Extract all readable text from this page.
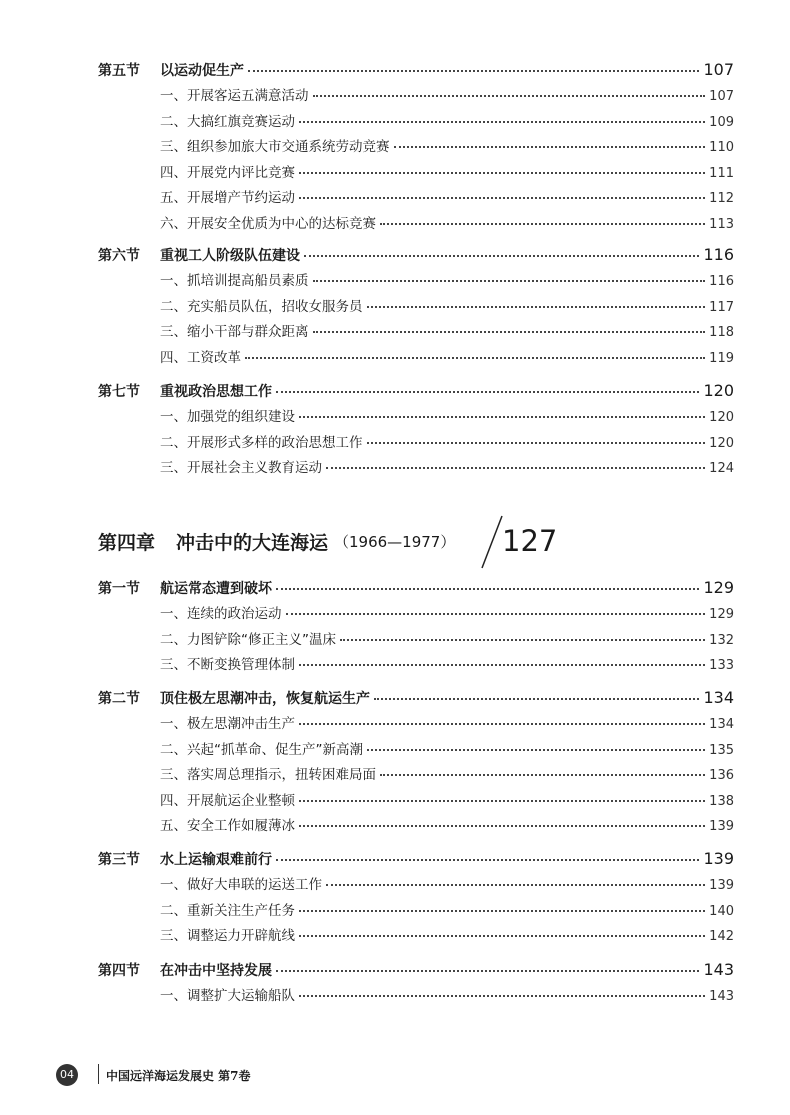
第五节	以运动促生产	107
一、开展客运五满意活动	107
二、大搞红旗竞赛运动	109
三、组织参加旅大市交通系统劳动竞赛	110
四、开展党内评比竞赛	111
五、开展增产节约运动	112
六、开展安全优质为中心的达标竞赛	113
第六节	重视工人阶级队伍建设	116
一、抓培训提高船员素质	116
二、充实船员队伍，招收女服务员	117
三、缩小干部与群众距离	118
四、工资改革	119
第七节	重视政治思想工作	120
一、加强党的组织建设	120
二、开展形式多样的政治思想工作	120
三、开展社会主义教育运动	124
第四章 冲击中的大连海运 （1966—1977） 127
第一节	航运常态遭到破坏	129
一、连续的政治运动	129
二、力图铲除“修正主义”温床	132
三、不断变换管理体制	133
第二节	顶住极左思潮冲击，恢复航运生产	134
一、极左思潮冲击生产	134
二、兴起“抓革命、促生产”新高潮	135
三、落实周总理指示，扭转困难局面	136
四、开展航运企业整顿	138
五、安全工作如履薄冰	139
第三节	水上运输艰难前行	139
一、做好大串联的运送工作	139
二、重新关注生产任务	140
三、调整运力开辟航线	142
第四节	在冲击中坚持发展	143
一、调整扩大运输船队	143
04	中国远洋海运发展史 第7卷
